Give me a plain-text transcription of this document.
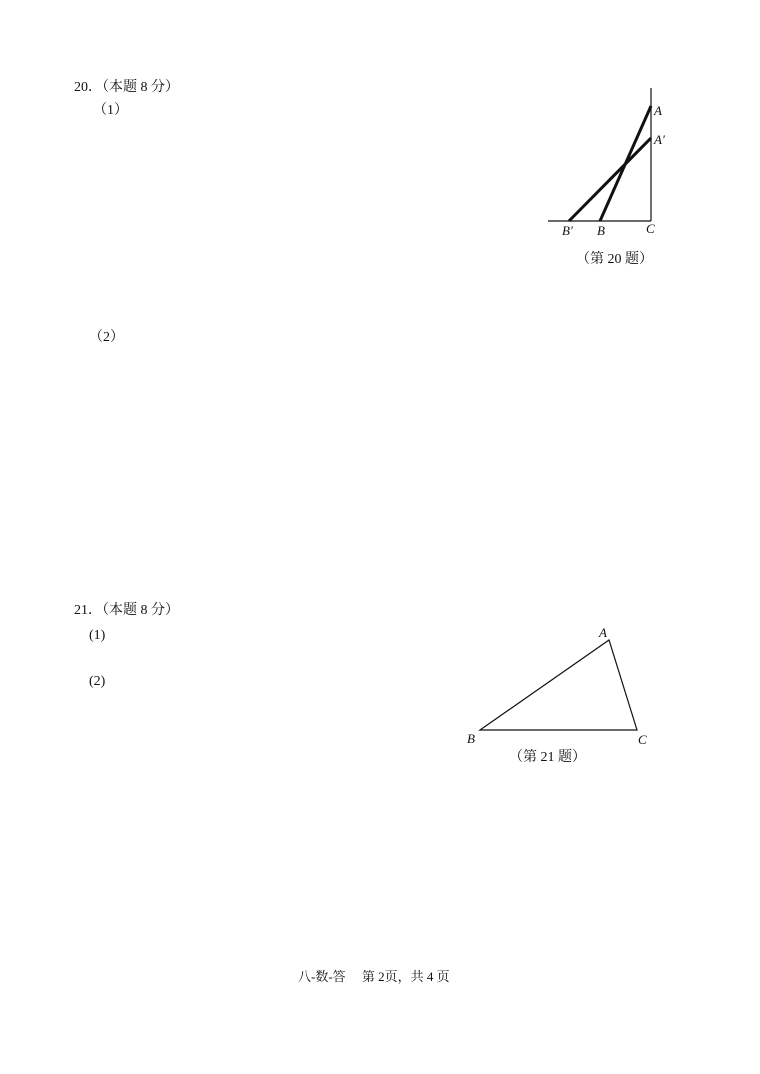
20．（本题 8 分）
（1）
（2）
A
A′
B′ B	C
（第 20 题）
21．（本题 8 分）
(1)
(2)
A
B	C
（第 21 题）
八-数-答　 第 2页，共 4 页
